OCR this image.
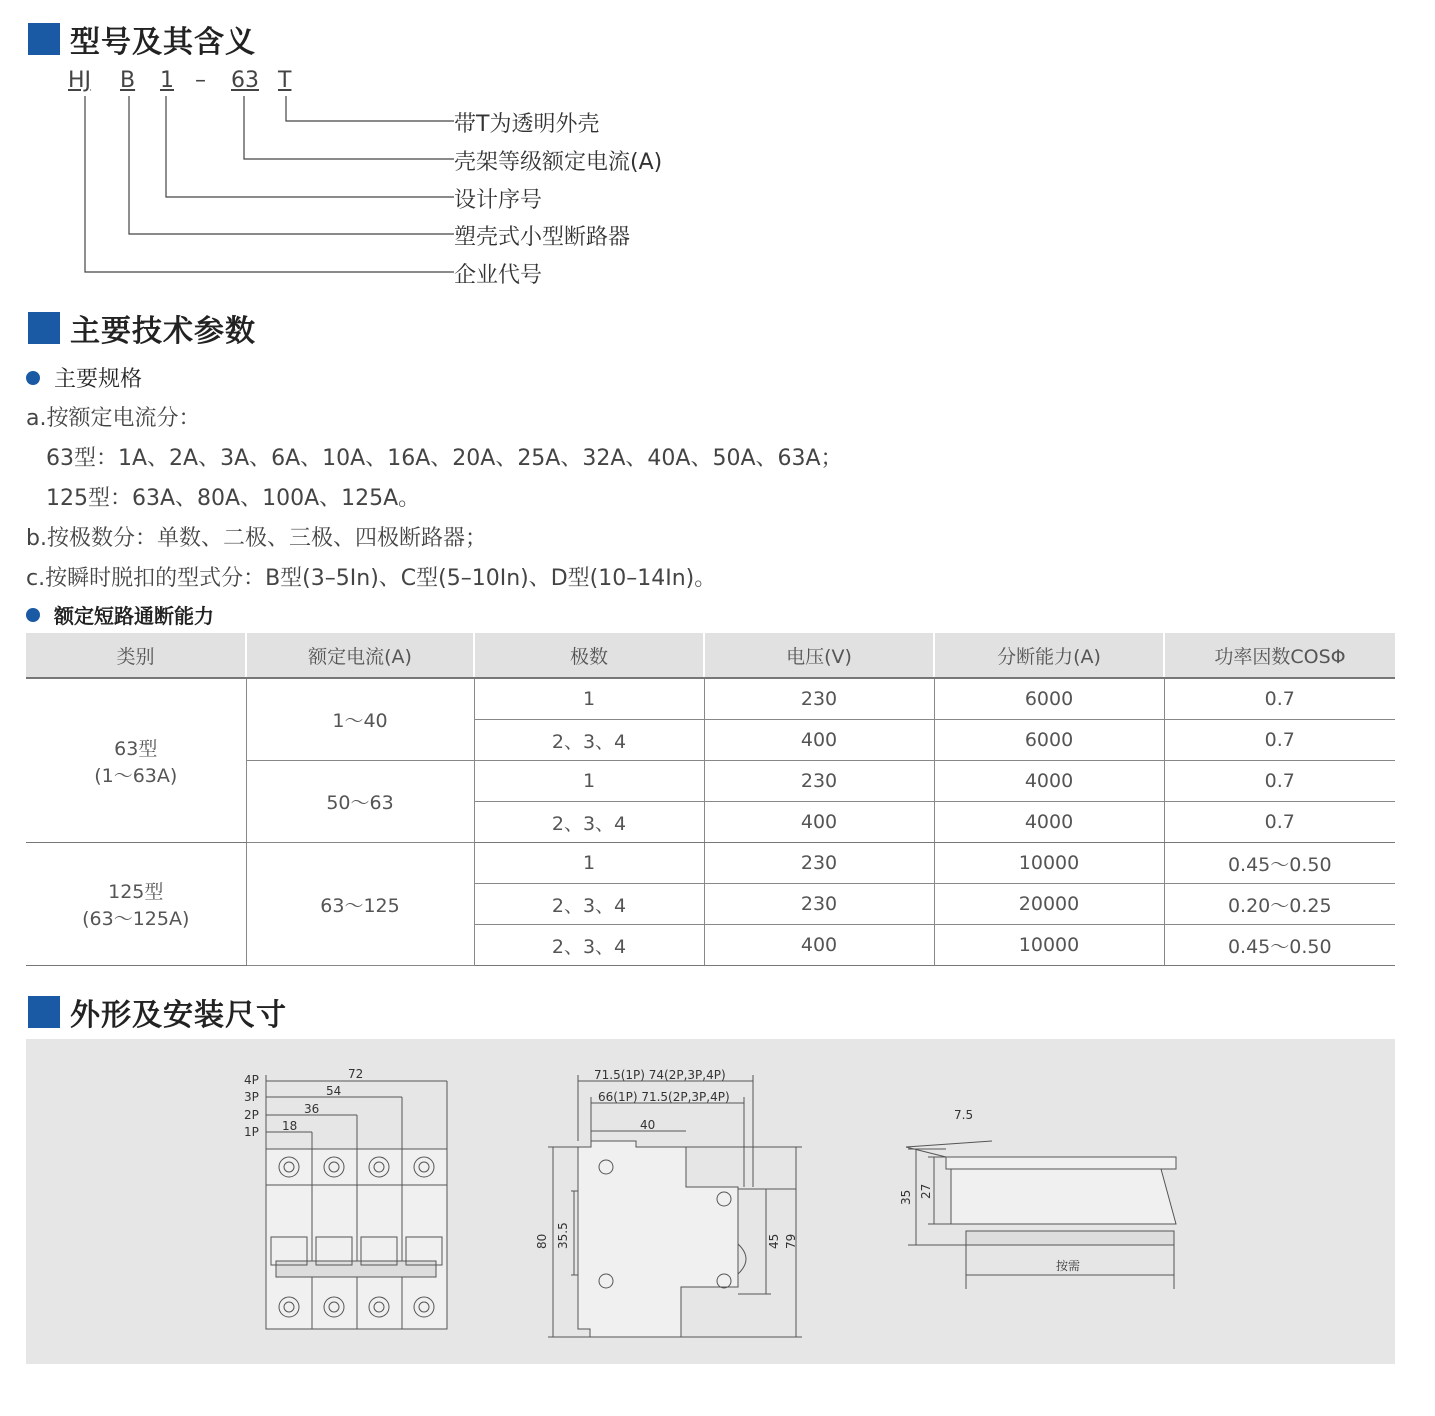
型号及其含义
HJ B 1 – 63 T
带T为透明外壳
壳架等级额定电流(A)
设计序号
塑壳式小型断路器
企业代号
主要技术参数
主要规格
a.按额定电流分：
63型：1A、2A、3A、6A、10A、16A、20A、25A、32A、40A、50A、63A；
125型：63A、80A、100A、125A。
b.按极数分：单数、二极、三极、四极断路器；
c.按瞬时脱扣的型式分：B型(3–5In)、C型(5–10In)、D型(10–14In)。
额定短路通断能力
类别	额定电流(A)	极数	电压(V)	分断能力(A)	功率因数COSΦ

63型
(1～63A)	1～40	1	230	6000	0.7
		2、3、4	400	6000	0.7
	50～63	1	230	4000	0.7
		2、3、4	400	4000	0.7

125型
(63～125A)	63～125	1	230	10000	0.45～0.50
		2、3、4	230	20000	0.20～0.25
		2、3、4	400	10000	0.45～0.50
外形及安装尺寸
72
54
36
18
4P
3P
2P
1P
71.5(1P) 74(2P,3P,4P)
66(1P) 71.5(2P,3P,4P)
40
80 35.5	45 79
7.5
35 27
按需
